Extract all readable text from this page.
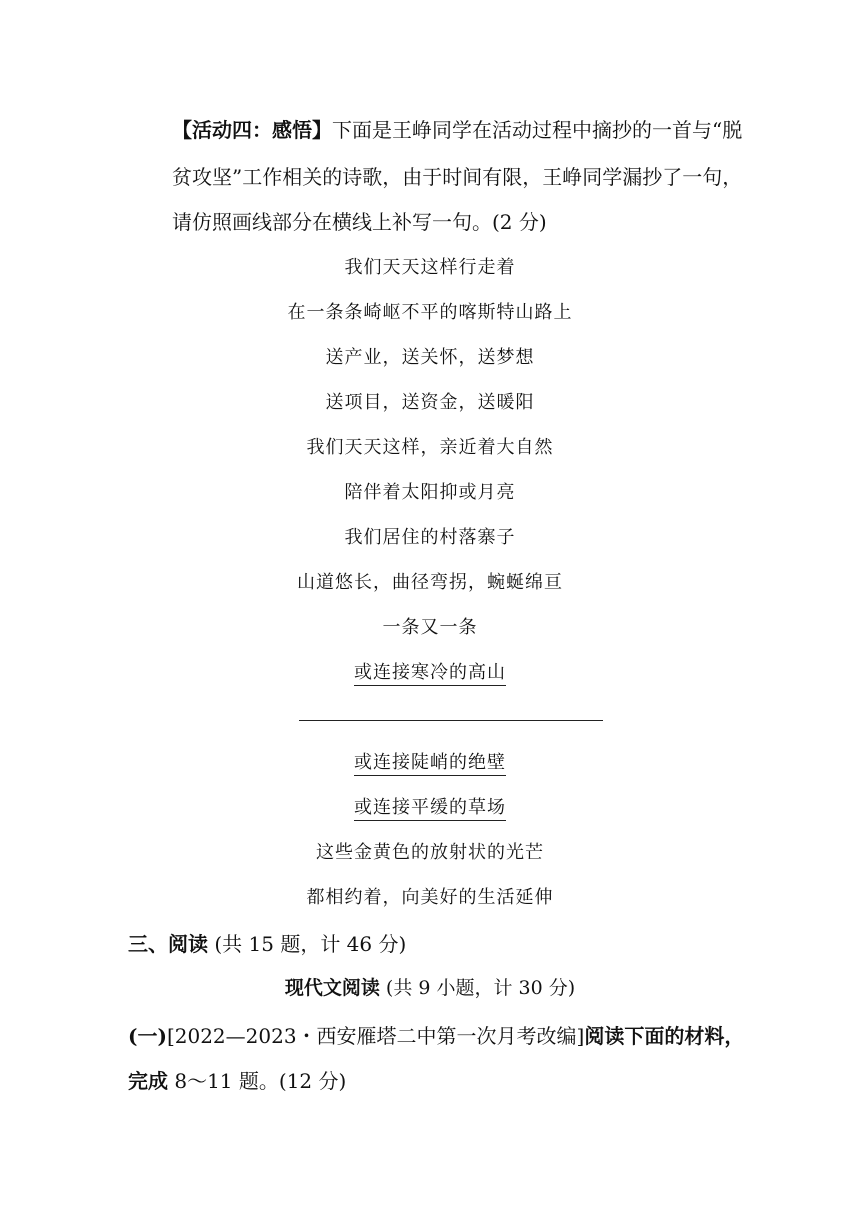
【活动四：感悟】下面是王峥同学在活动过程中摘抄的一首与“脱
贫攻坚”工作相关的诗歌，由于时间有限，王峥同学漏抄了一句，
请仿照画线部分在横线上补写一句。(2 分)
我们天天这样行走着
在一条条崎岖不平的喀斯特山路上
送产业，送关怀，送梦想
送项目，送资金，送暖阳
我们天天这样，亲近着大自然
陪伴着太阳抑或月亮
我们居住的村落寨子
山道悠长，曲径弯拐，蜿蜒绵亘
一条又一条
或连接寒冷的高山
或连接陡峭的绝壁
或连接平缓的草场
这些金黄色的放射状的光芒
都相约着，向美好的生活延伸
三、阅读 (共 15 题，计 46 分)
现代文阅读 (共 9 小题，计 30 分)
(一)[2022—2023・西安雁塔二中第一次月考改编]阅读下面的材料，
完成 8～11 题。(12 分)
